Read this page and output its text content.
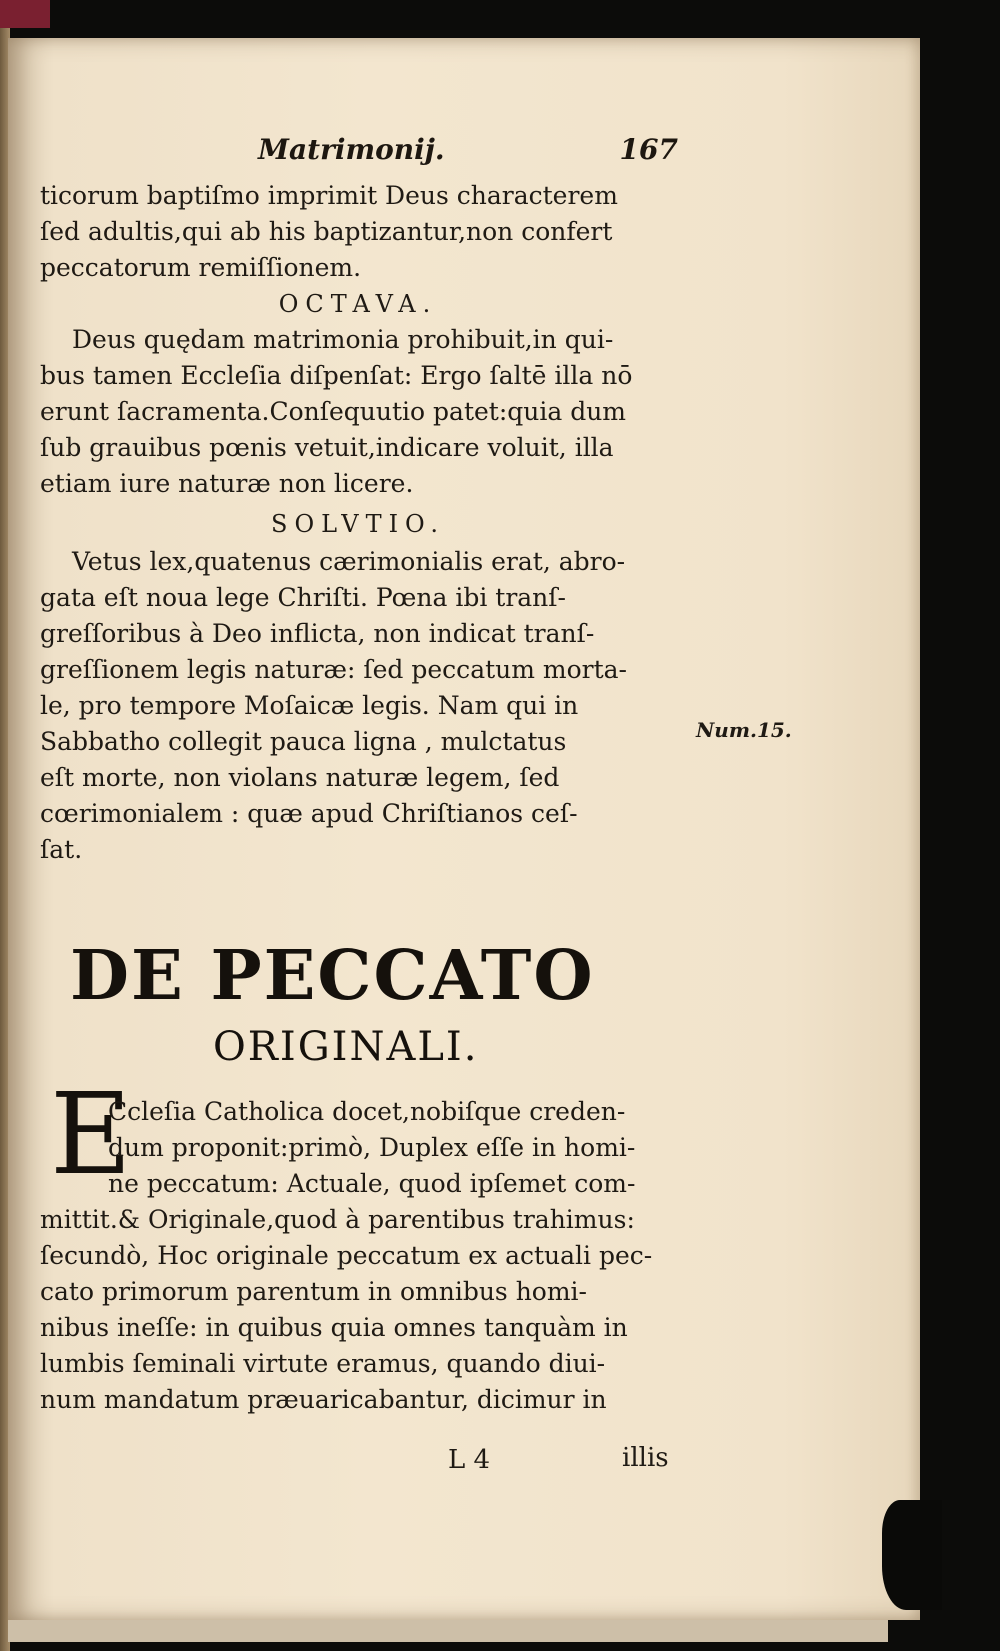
Matrimonij.	167
ticorum baptiſmo imprimit Deus characterem
ſed adultis,qui ab his baptizantur,non confert
peccatorum remiſſionem.
OCTAVA.
Deus quędam matrimonia prohibuit,in qui-
bus tamen Eccleſia diſpenſat: Ergo ſaltē illa nō
erunt ſacramenta.Conſequutio patet:quia dum
ſub grauibus pœnis vetuit,indicare voluit, illa
etiam iure naturæ non licere.
SOLVTIO.
Vetus lex,quatenus cærimonialis erat, abro-
gata eſt noua lege Chriſti. Pœna ibi tranſ-
greſſoribus à Deo inflicta, non indicat tranſ-
greſſionem legis naturæ: ſed peccatum morta-
le, pro tempore Moſaicæ legis. Nam qui in
Sabbatho collegit pauca ligna , mulctatus
eſt morte, non violans naturæ legem, ſed
cœrimonialem : quæ apud Chriſtianos ceſ-
ſat.
Num.15.
DE PECCATO
ORIGINALI.
E
Ccleſia Catholica docet,nobiſque creden-
dum proponit:primò, Duplex eſſe in homi-
ne peccatum: Actuale, quod ipſemet com-
mittit.& Originale,quod à parentibus trahimus:
ſecundò, Hoc originale peccatum ex actuali pec-
cato primorum parentum in omnibus homi-
nibus ineſſe: in quibus quia omnes tanquàm in
lumbis ſeminali virtute eramus, quando diui-
num mandatum præuaricabantur, dicimur in
L 4	illis
